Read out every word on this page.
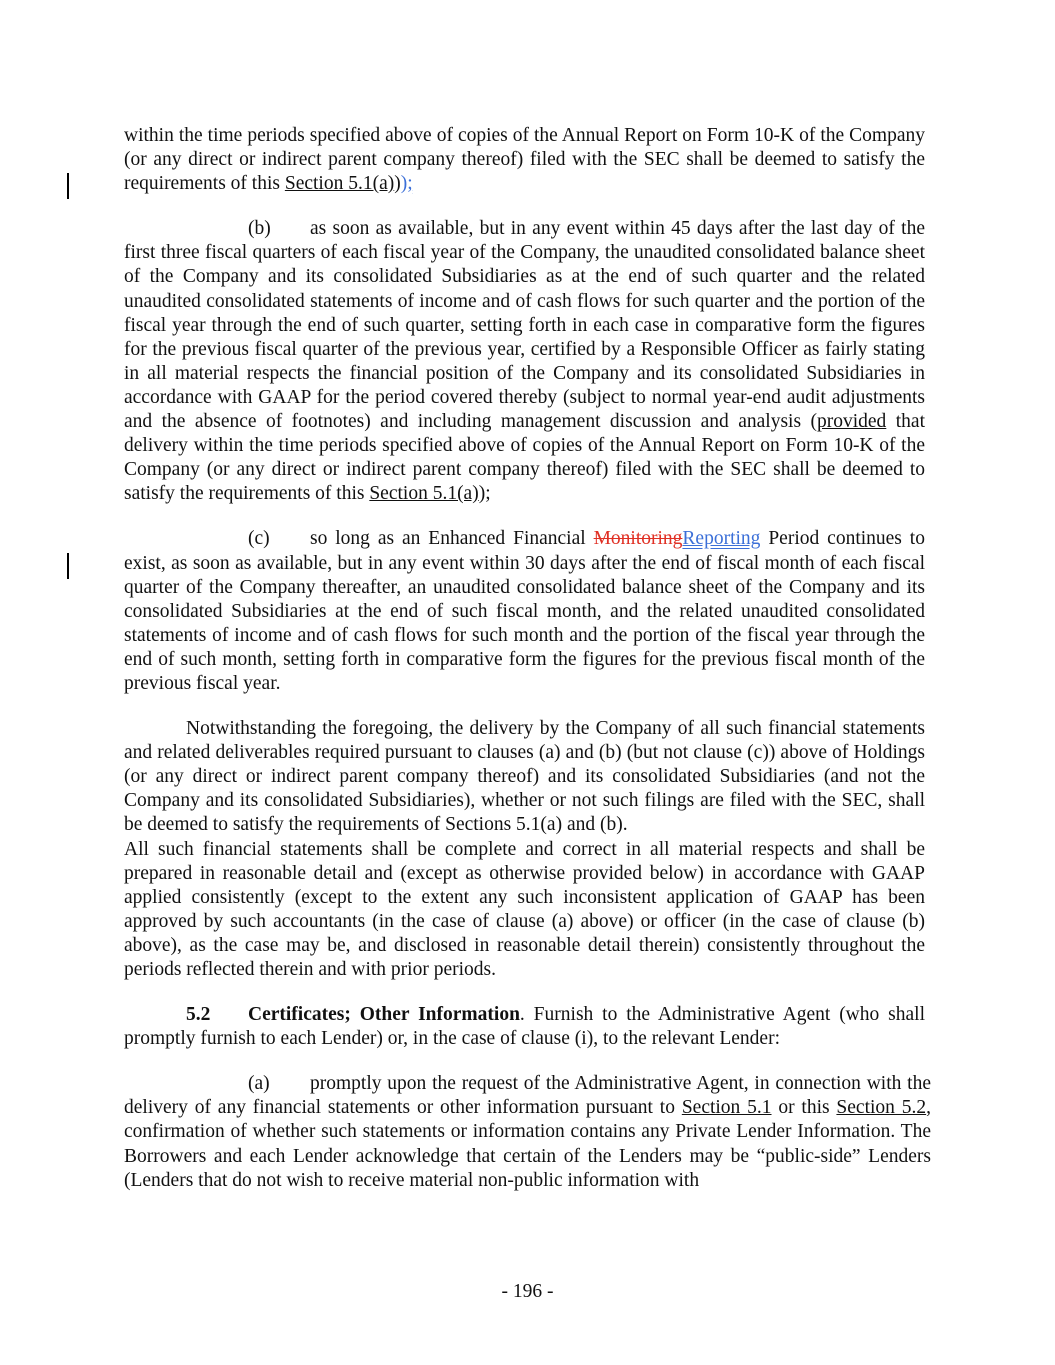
within the time periods specified above of copies of the Annual Report on Form 10-K of the Company (or any direct or indirect parent company thereof) filed with the SEC shall be deemed to satisfy the requirements of this Section 5.1(a)));

(b) as soon as available, but in any event within 45 days after the last day of the first three fiscal quarters of each fiscal year of the Company, the unaudited consolidated balance sheet of the Company and its consolidated Subsidiaries as at the end of such quarter and the related unaudited consolidated statements of income and of cash flows for such quarter and the portion of the fiscal year through the end of such quarter, setting forth in each case in comparative form the figures for the previous fiscal quarter of the previous year, certified by a Responsible Officer as fairly stating in all material respects the financial position of the Company and its consolidated Subsidiaries in accordance with GAAP for the period covered thereby (subject to normal year-end audit adjustments and the absence of footnotes) and including management discussion and analysis (provided that delivery within the time periods specified above of copies of the Annual Report on Form 10-K of the Company (or any direct or indirect parent company thereof) filed with the SEC shall be deemed to satisfy the requirements of this Section 5.1(a));

(c) so long as an Enhanced Financial MonitoringReporting Period continues to exist, as soon as available, but in any event within 30 days after the end of fiscal month of each fiscal quarter of the Company thereafter, an unaudited consolidated balance sheet of the Company and its consolidated Subsidiaries at the end of such fiscal month, and the related unaudited consolidated statements of income and of cash flows for such month and the portion of the fiscal year through the end of such month, setting forth in comparative form the figures for the previous fiscal month of the previous fiscal year.

Notwithstanding the foregoing, the delivery by the Company of all such financial statements and related deliverables required pursuant to clauses (a) and (b) (but not clause (c)) above of Holdings (or any direct or indirect parent company thereof) and its consolidated Subsidiaries (and not the Company and its consolidated Subsidiaries), whether or not such filings are filed with the SEC, shall be deemed to satisfy the requirements of Sections 5.1(a) and (b).

All such financial statements shall be complete and correct in all material respects and shall be prepared in reasonable detail and (except as otherwise provided below) in accordance with GAAP applied consistently (except to the extent any such inconsistent application of GAAP has been approved by such accountants (in the case of clause (a) above) or officer (in the case of clause (b) above), as the case may be, and disclosed in reasonable detail therein) consistently throughout the periods reflected therein and with prior periods.

5.2 Certificates; Other Information. Furnish to the Administrative Agent (who shall promptly furnish to each Lender) or, in the case of clause (i), to the relevant Lender:

(a) promptly upon the request of the Administrative Agent, in connection with the delivery of any financial statements or other information pursuant to Section 5.1 or this Section 5.2, confirmation of whether such statements or information contains any Private Lender Information. The Borrowers and each Lender acknowledge that certain of the Lenders may be “public-side” Lenders (Lenders that do not wish to receive material non-public information with

- 196 -
